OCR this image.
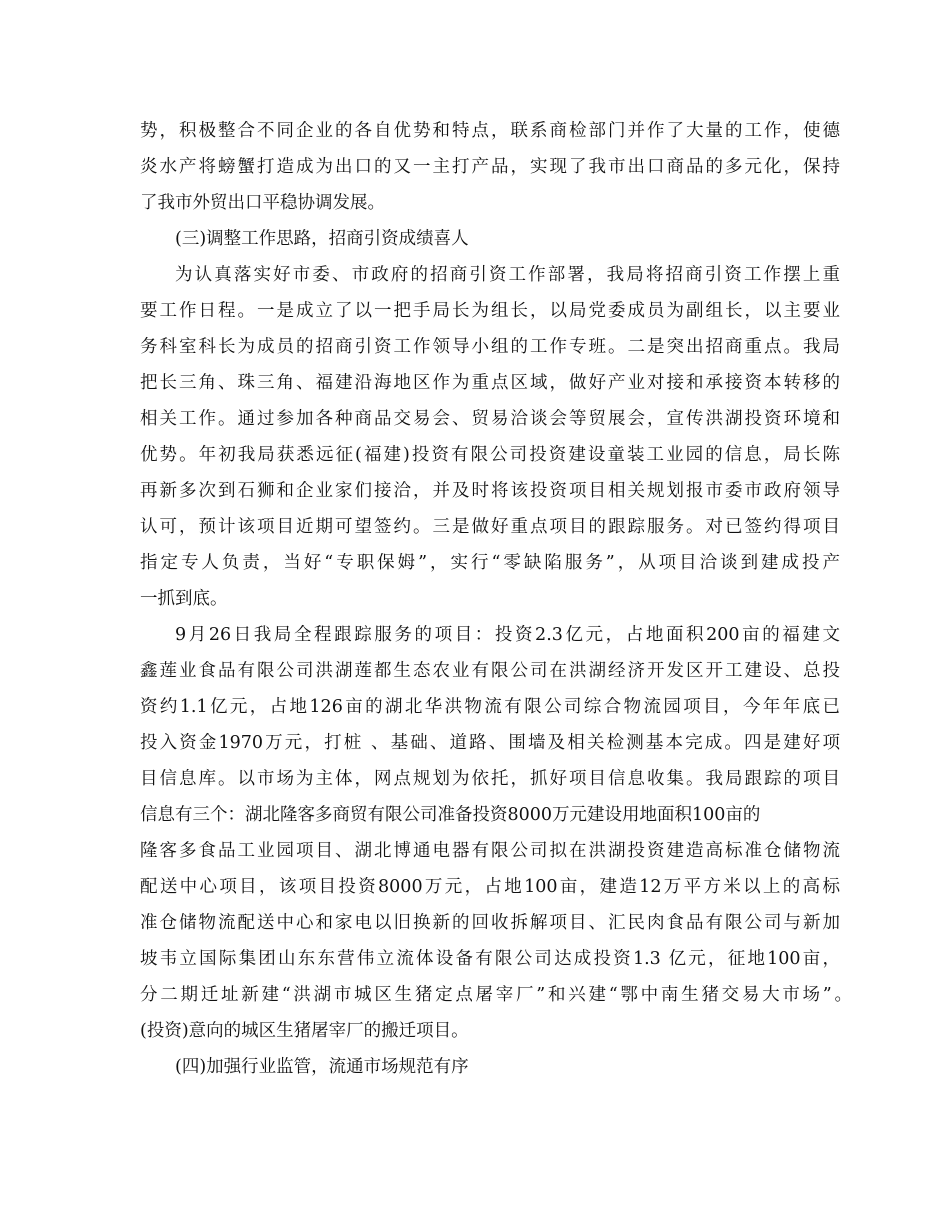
势，积极整合不同企业的各自优势和特点，联系商检部门并作了大量的工作，使德
炎水产将螃蟹打造成为出口的又一主打产品，实现了我市出口商品的多元化，保持
了我市外贸出口平稳协调发展。
(三)调整工作思路，招商引资成绩喜人
为认真落实好市委、市政府的招商引资工作部署，我局将招商引资工作摆上重
要工作日程。一是成立了以一把手局长为组长，以局党委成员为副组长，以主要业
务科室科长为成员的招商引资工作领导小组的工作专班。二是突出招商重点。我局
把长三角、珠三角、福建沿海地区作为重点区域，做好产业对接和承接资本转移的
相关工作。通过参加各种商品交易会、贸易洽谈会等贸展会，宣传洪湖投资环境和
优势。年初我局获悉远征(福建)投资有限公司投资建设童装工业园的信息，局长陈
再新多次到石狮和企业家们接洽，并及时将该投资项目相关规划报市委市政府领导
认可，预计该项目近期可望签约。三是做好重点项目的跟踪服务。对已签约得项目
指定专人负责，当好“专职保姆”，实行“零缺陷服务”，从项目洽谈到建成投产
一抓到底。
9月26日我局全程跟踪服务的项目：投资2.3亿元，占地面积200亩的福建文
鑫莲业食品有限公司洪湖莲都生态农业有限公司在洪湖经济开发区开工建设、总投
资约1.1亿元，占地126亩的湖北华洪物流有限公司综合物流园项目，今年年底已
投入资金1970万元，打桩 、基础、道路、围墙及相关检测基本完成。四是建好项
目信息库。以市场为主体，网点规划为依托，抓好项目信息收集。我局跟踪的项目
信息有三个：湖北隆客多商贸有限公司准备投资8000万元建设用地面积100亩的
隆客多食品工业园项目、湖北博通电器有限公司拟在洪湖投资建造高标准仓储物流
配送中心项目，该项目投资8000万元，占地100亩，建造12万平方米以上的高标
准仓储物流配送中心和家电以旧换新的回收拆解项目、汇民肉食品有限公司与新加
坡韦立国际集团山东东营伟立流体设备有限公司达成投资1.3 亿元，征地100亩，
分二期迁址新建“洪湖市城区生猪定点屠宰厂”和兴建“鄂中南生猪交易大市场”。
(投资)意向的城区生猪屠宰厂的搬迁项目。
(四)加强行业监管，流通市场规范有序
